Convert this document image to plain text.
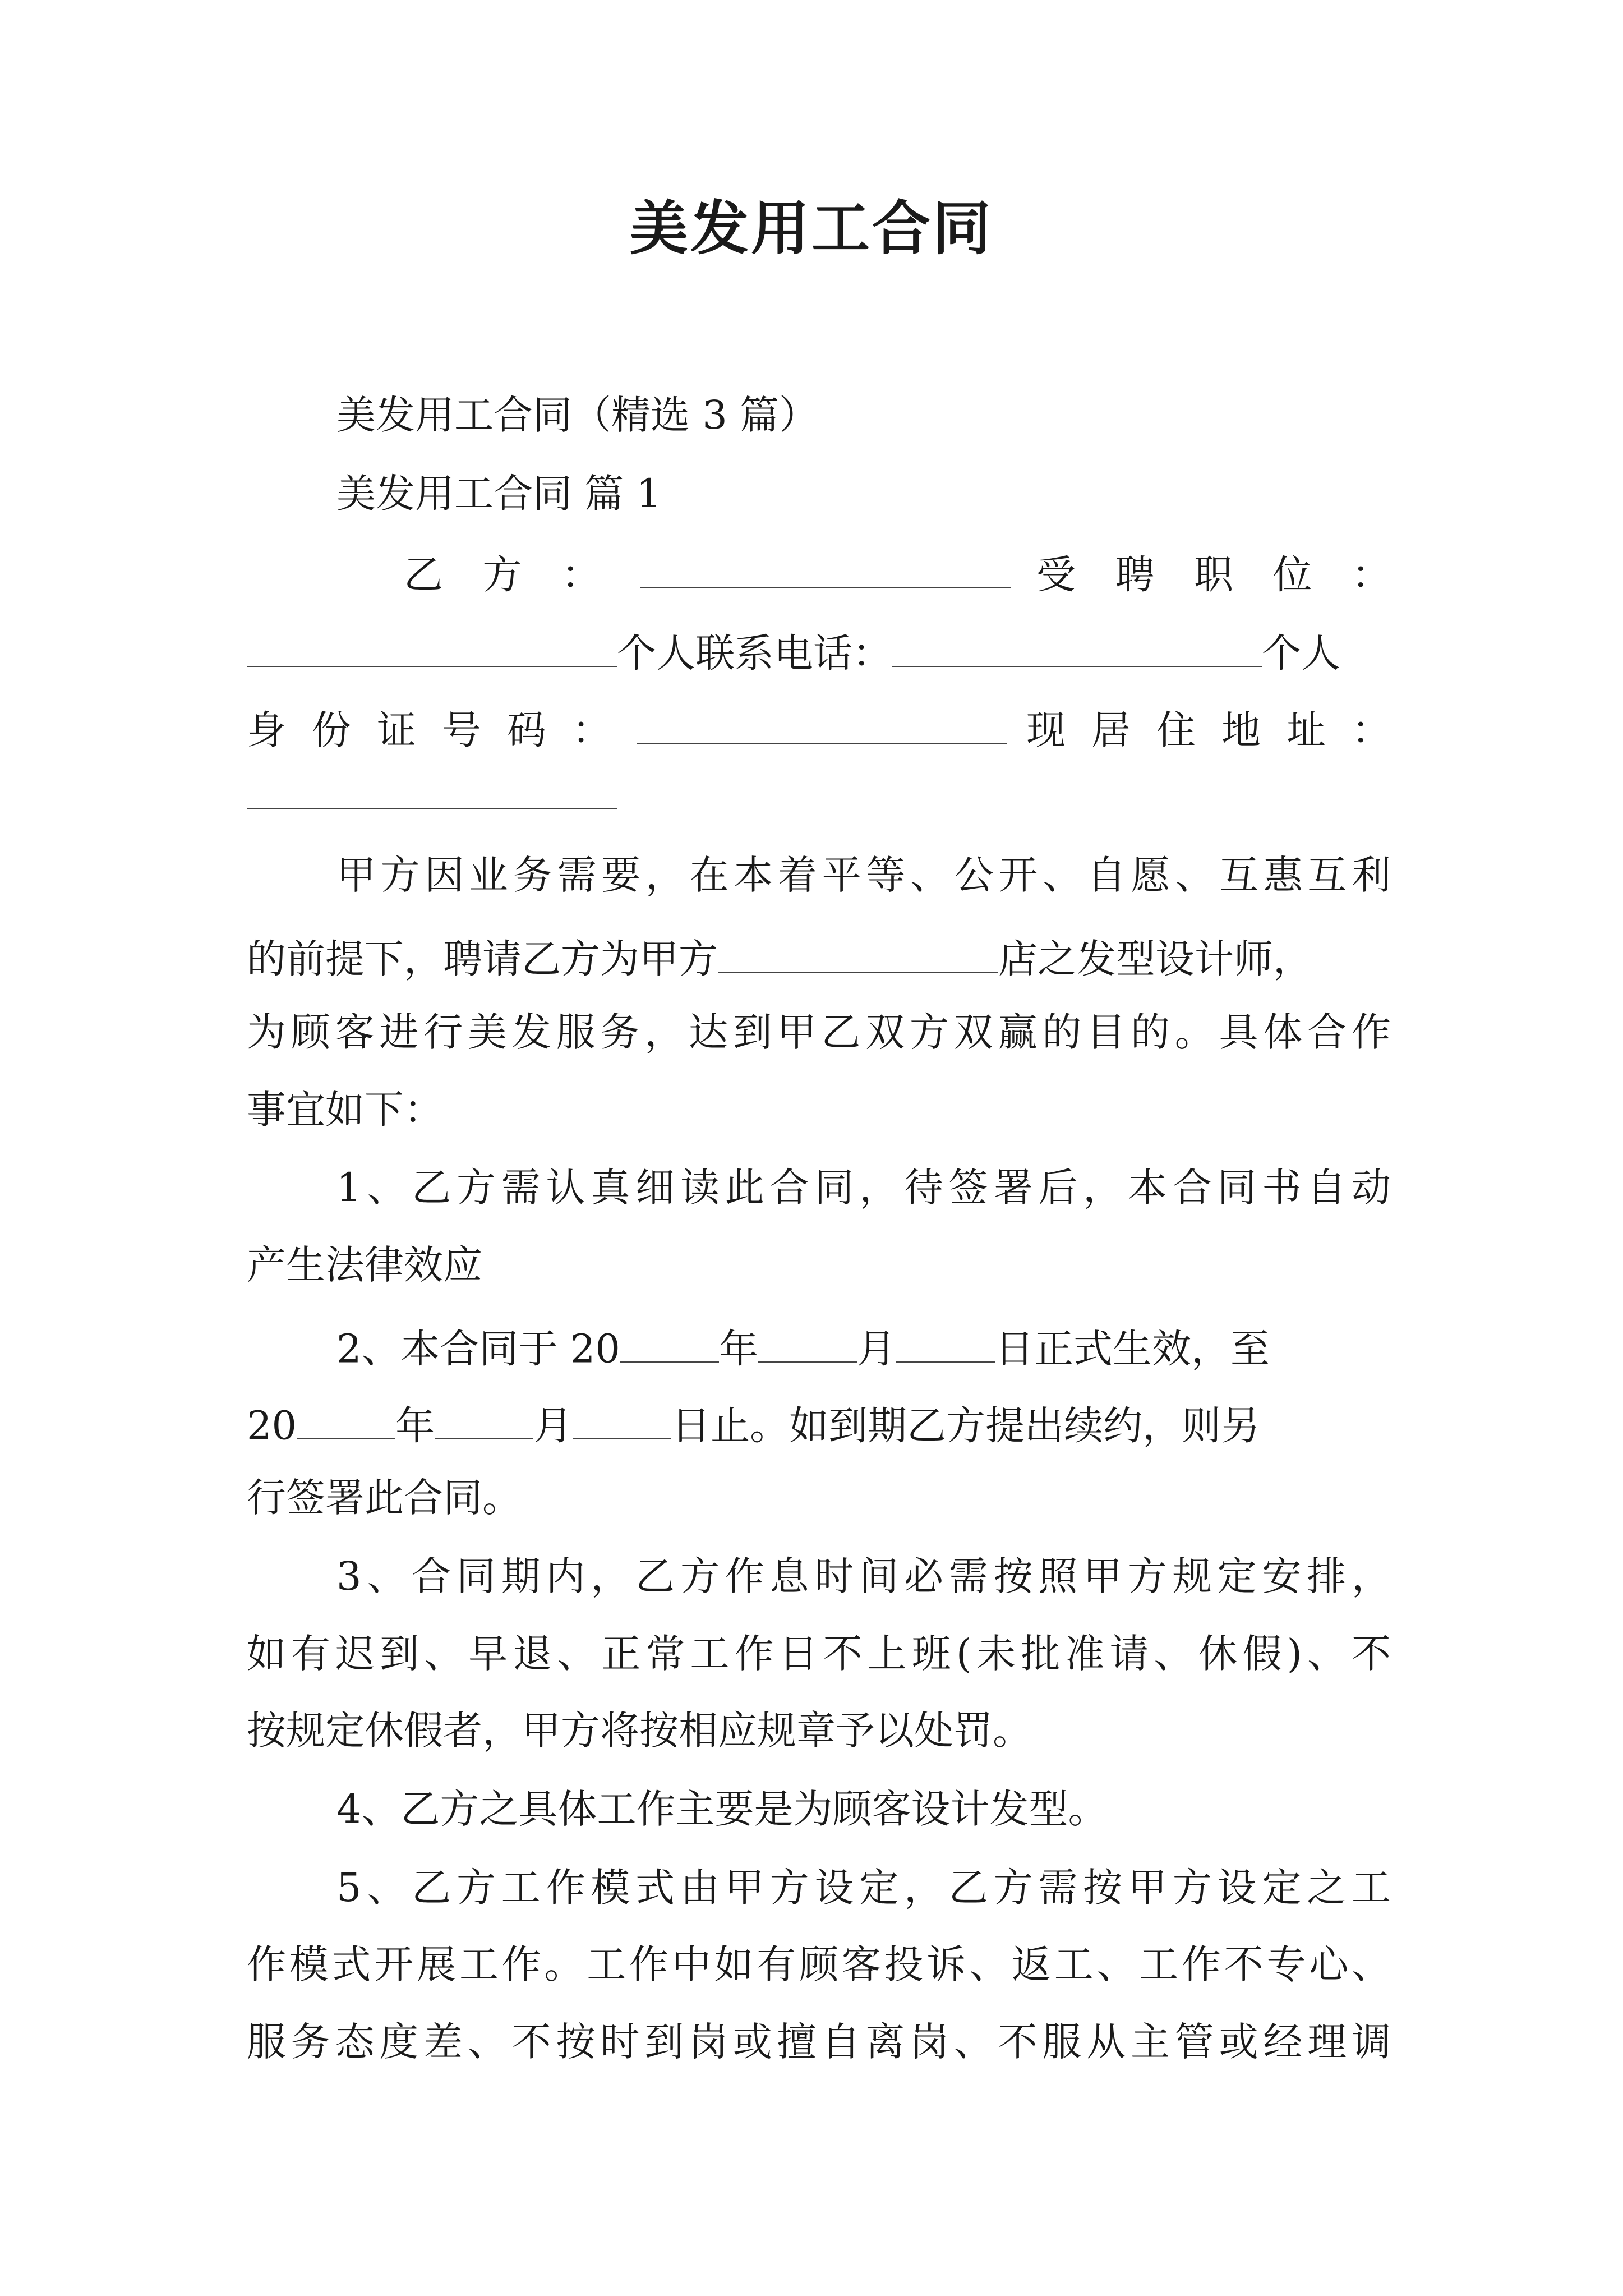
美发用工合同

美发用工合同（精选 3 篇）

美发用工合同 篇 1

乙 方 ：	受 聘 职 位 ：

个人联系电话：	个人

身 份 证 号 码 ：	现 居 住 地 址 ：

甲方因业务需要，在本着平等、公开、自愿、互惠互利

的前提下，聘请乙方为甲方	店之发型设计师，

为顾客进行美发服务，达到甲乙双方双赢的目的。具体合作

事宜如下：

1、乙方需认真细读此合同，待签署后，本合同书自动

产生法律效应

2、本合同于 20	年	月	日正式生效，至

20	年	月	日止。如到期乙方提出续约，则另

行签署此合同。

3、合同期内，乙方作息时间必需按照甲方规定安排，

如有迟到、早退、正常工作日不上班(未批准请、休假)、不

按规定休假者，甲方将按相应规章予以处罚。

4、乙方之具体工作主要是为顾客设计发型。

5、乙方工作模式由甲方设定，乙方需按甲方设定之工

作模式开展工作。工作中如有顾客投诉、返工、工作不专心、

服务态度差、不按时到岗或擅自离岗、不服从主管或经理调
